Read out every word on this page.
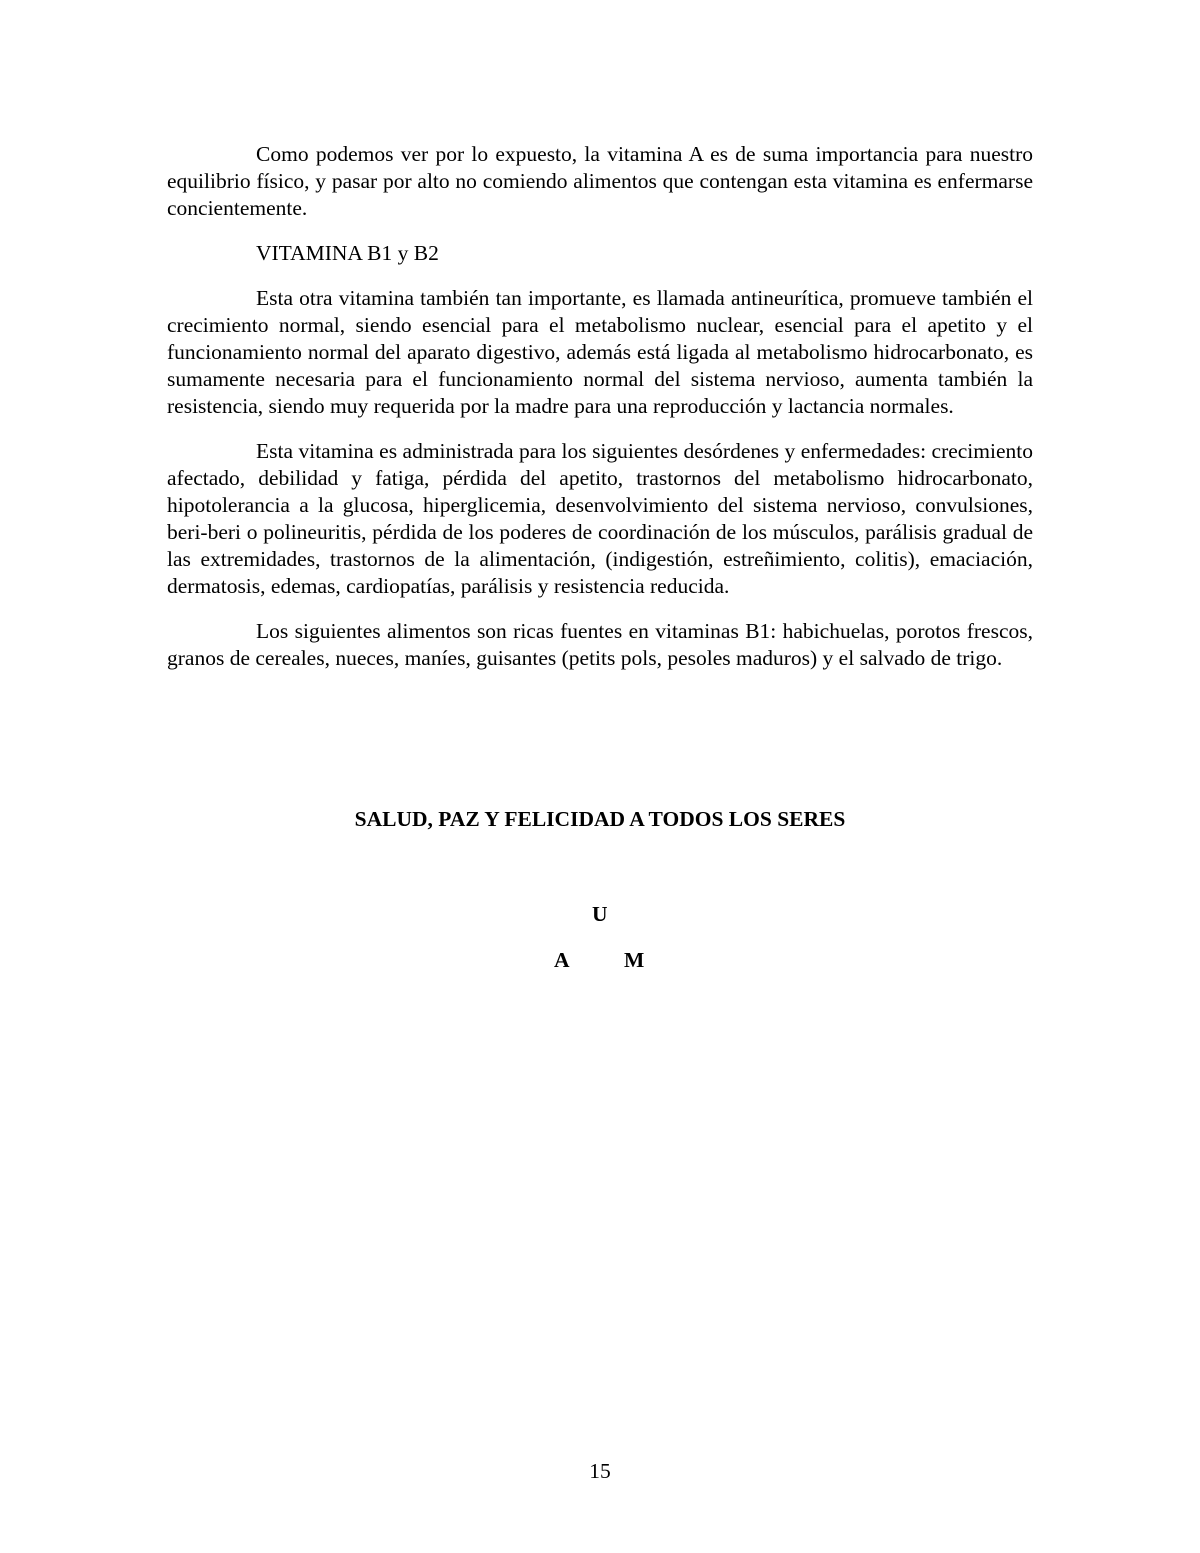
Como podemos ver por lo expuesto, la vitamina A es de suma importancia para nuestro equilibrio físico, y pasar por alto no comiendo alimentos que contengan esta vitamina es enfermarse concientemente.

VITAMINA B1 y B2

Esta otra vitamina también tan importante, es llamada antineurítica, promueve también el crecimiento normal, siendo esencial para el metabolismo nuclear, esencial para el apetito y el funcionamiento normal del aparato digestivo, además está ligada al metabolismo hidrocarbonato, es sumamente necesaria para el funcionamiento normal del sistema nervioso, aumenta también la resistencia, siendo muy requerida por la madre para una reproducción y lactancia normales.

Esta vitamina es administrada para los siguientes desórdenes y enfermedades: crecimiento afectado, debilidad y fatiga, pérdida del apetito, trastornos del metabolismo hidrocarbonato, hipotolerancia a la glucosa, hiperglicemia, desenvolvimiento del sistema nervioso, convulsiones, beri-beri o polineuritis, pérdida de los poderes de coordinación de los músculos, parálisis gradual de las extremidades, trastornos de la alimentación, (indigestión, estreñimiento, colitis), emaciación, dermatosis, edemas, cardiopatías, parálisis y resistencia reducida.

Los siguientes alimentos son ricas fuentes en vitaminas B1: habichuelas, porotos frescos, granos de cereales, nueces, maníes, guisantes (petits pols, pesoles maduros) y el salvado de trigo.

SALUD, PAZ Y FELICIDAD A TODOS LOS SERES
U
A	M
15
